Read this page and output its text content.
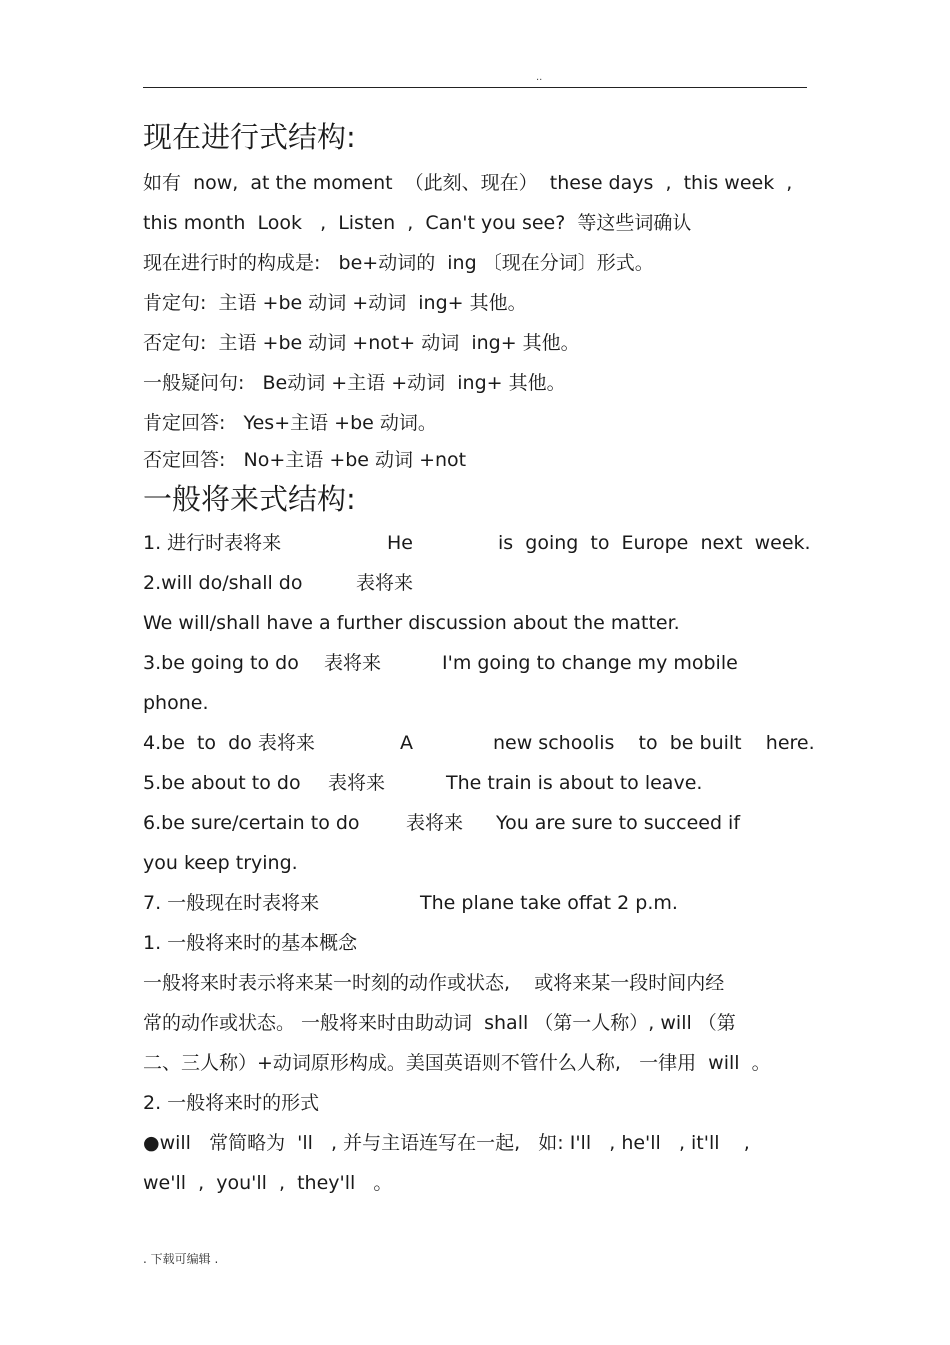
..
现在进行式结构:
如有  now,  at the moment  （此刻、现在）  these days  ,  this week  ,
this month  Look   ,  Listen  ,  Can't you see?  等这些词确认
现在进行时的构成是:   be+动词的  ing 〔现在分词〕形式。
肯定句:  主语 +be 动词 +动词  ing+ 其他。
否定句:  主语 +be 动词 +not+ 动词  ing+ 其他。
一般疑问句:   Be动词 +主语 +动词  ing+ 其他。
肯定回答:   Yes+主语 +be 动词。
否定回答:   No+主语 +be 动词 +not
一般将来式结构:
1. 进行时表将来	He	is  going  to  Europe  next  week.
2.will do/shall do	表将来
We will/shall have a further discussion about the matter.
3.be going to do 表将来	I'm going to change my mobile
phone.
4.be  to  do 表将来	A	new schoolis    to  be built    here.
5.be about to do 表将来	The train is about to leave.
6.be sure/certain to do 表将来 You are sure to succeed if
you keep trying.
7. 一般现在时表将来	The plane take offat 2 p.m.
1. 一般将来时的基本概念
一般将来时表示将来某一时刻的动作或状态,    或将来某一段时间内经
常的动作或状态。 一般将来时由助动词  shall （第一人称）, will （第
二、三人称）+动词原形构成。美国英语则不管什么人称,   一律用  will  。
2. 一般将来时的形式
●will   常简略为  'll   , 并与主语连写在一起,   如: I'll   , he'll   , it'll    ,
we'll  ,  you'll  ,  they'll   。
. 下载可编辑 .
